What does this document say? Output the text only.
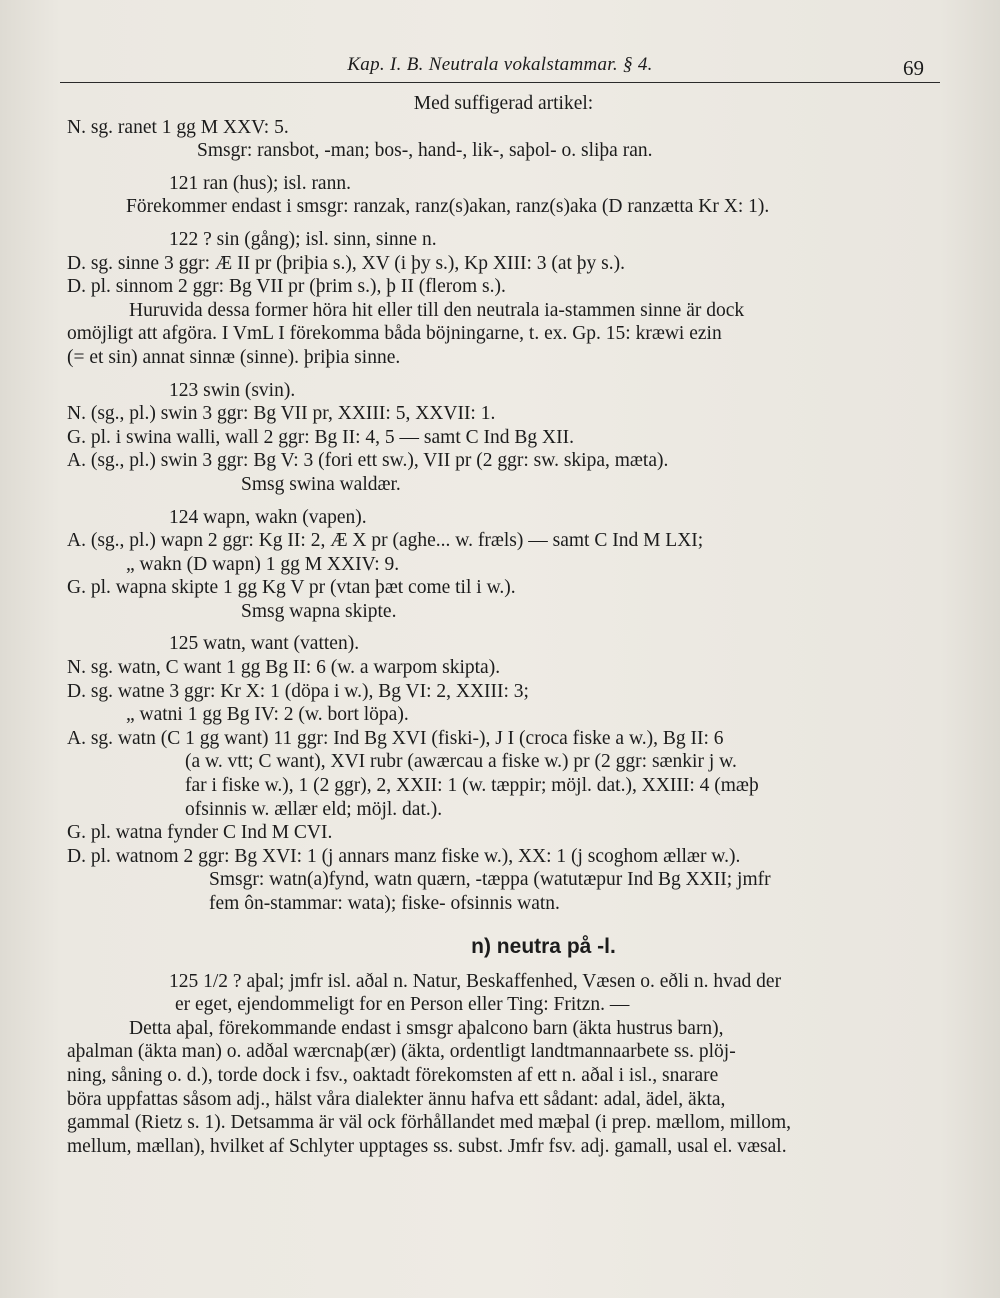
Kap. I. B. Neutrala vokalstammar. § 4.	69
Med suffigerad artikel:
N. sg. ranet 1 gg M XXV: 5.
Smsgr: ransbot, -man; bos-, hand-, lik-, saþol- o. sliþa ran.
121 ran (hus); isl. rann.
Förekommer endast i smsgr: ranzak, ranz(s)akan, ranz(s)aka (D ranzætta Kr X: 1).
122 ? sin (gång); isl. sinn, sinne n.
D. sg. sinne 3 ggr: Æ II pr (þriþia s.), XV (i þy s.), Kp XIII: 3 (at þy s.).
D. pl. sinnom 2 ggr: Bg VII pr (þrim s.), þ II (flerom s.).
Huruvida dessa former höra hit eller till den neutrala ia-stammen sinne är dock
omöjligt att afgöra. I VmL I förekomma båda böjningarne, t. ex. Gp. 15: kræwi ezin
(= et sin) annat sinnæ (sinne). þriþia sinne.
123 swin (svin).
N. (sg., pl.) swin 3 ggr: Bg VII pr, XXIII: 5, XXVII: 1.
G. pl. i swina walli, wall 2 ggr: Bg II: 4, 5 — samt C Ind Bg XII.
A. (sg., pl.) swin 3 ggr: Bg V: 3 (fori ett sw.), VII pr (2 ggr: sw. skipa, mæta).
Smsg swina waldær.
124 wapn, wakn (vapen).
A. (sg., pl.) wapn 2 ggr: Kg II: 2, Æ X pr (aghe... w. fræls) — samt C Ind M LXI;
„ wakn (D wapn) 1 gg M XXIV: 9.
G. pl. wapna skipte 1 gg Kg V pr (vtan þæt come til i w.).
Smsg wapna skipte.
125 watn, want (vatten).
N. sg. watn, C want 1 gg Bg II: 6 (w. a warpom skipta).
D. sg. watne 3 ggr: Kr X: 1 (döpa i w.), Bg VI: 2, XXIII: 3;
„ watni 1 gg Bg IV: 2 (w. bort löpa).
A. sg. watn (C 1 gg want) 11 ggr: Ind Bg XVI (fiski-), J I (croca fiske a w.), Bg II: 6
(a w. vtt; C want), XVI rubr (awærcau a fiske w.) pr (2 ggr: sænkir j w.
far i fiske w.), 1 (2 ggr), 2, XXII: 1 (w. tæppir; möjl. dat.), XXIII: 4 (mæþ
ofsinnis w. ællær eld; möjl. dat.).
G. pl. watna fynder C Ind M CVI.
D. pl. watnom 2 ggr: Bg XVI: 1 (j annars manz fiske w.), XX: 1 (j scoghom ællær w.).
Smsgr: watn(a)fynd, watn quærn, -tæppa (watutæpur Ind Bg XXII; jmfr
fem ôn-stammar: wata); fiske- ofsinnis watn.
n) neutra på -l.
125 1/2 ? aþal; jmfr isl. aðal n. Natur, Beskaffenhed, Væsen o. eðli n. hvad der
er eget, ejendommeligt for en Person eller Ting: Fritzn. —
Detta aþal, förekommande endast i smsgr aþalcono barn (äkta hustrus barn),
aþalman (äkta man) o. adðal wærcnaþ(ær) (äkta, ordentligt landtmannaarbete ss. plöj-
ning, såning o. d.), torde dock i fsv., oaktadt förekomsten af ett n. aðal i isl., snarare
böra uppfattas såsom adj., hälst våra dialekter ännu hafva ett sådant: adal, ädel, äkta,
gammal (Rietz s. 1). Detsamma är väl ock förhållandet med mæþal (i prep. mællom, millom,
mellum, mællan), hvilket af Schlyter upptages ss. subst. Jmfr fsv. adj. gamall, usal el. væsal.
